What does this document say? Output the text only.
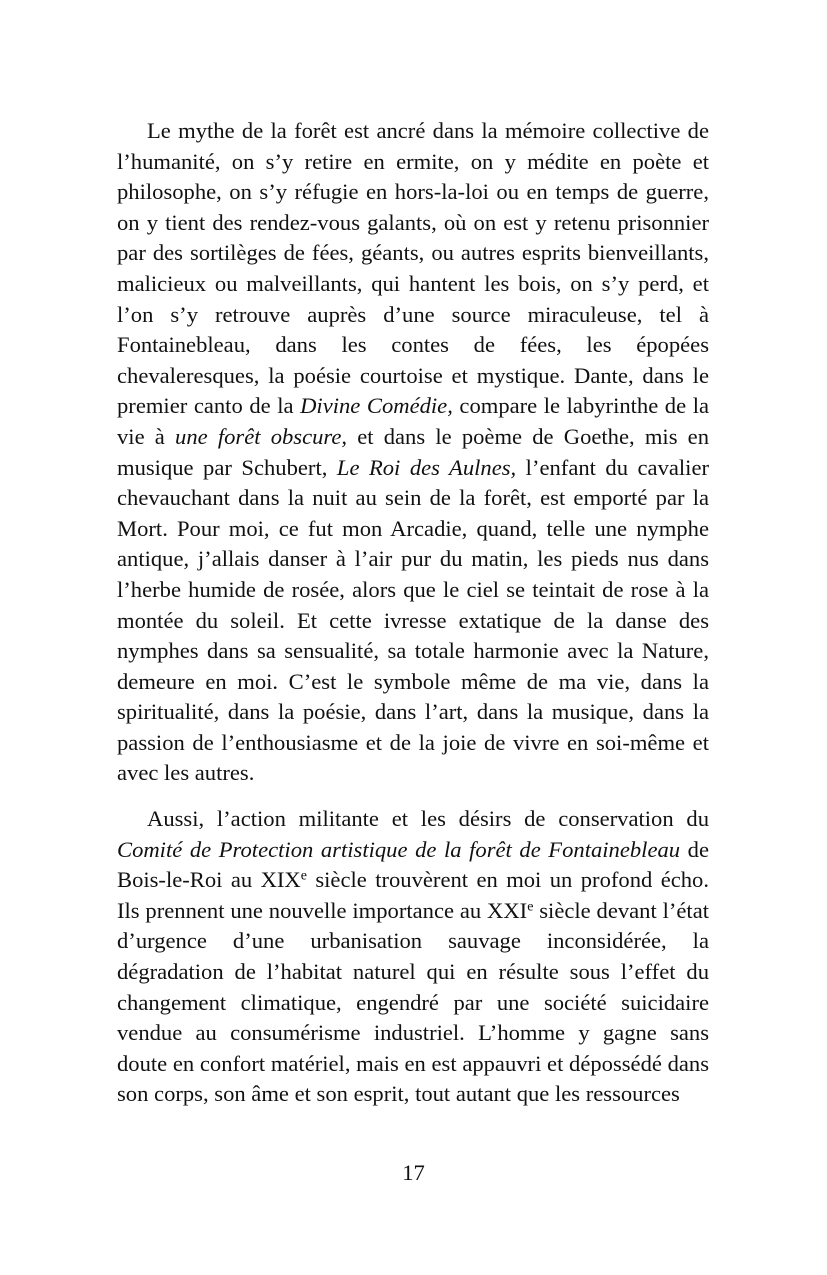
Le mythe de la forêt est ancré dans la mémoire collective de l’humanité, on s’y retire en ermite, on y médite en poète et philosophe, on s’y réfugie en hors-la-loi ou en temps de guerre, on y tient des rendez-vous galants, où on est y retenu prisonnier par des sortilèges de fées, géants, ou autres esprits bienveillants, malicieux ou malveillants, qui hantent les bois, on s’y perd, et l’on s’y retrouve auprès d’une source miraculeuse, tel à Fontainebleau, dans les contes de fées, les épopées chevaleresques, la poésie courtoise et mystique. Dante, dans le premier canto de la Divine Comédie, compare le labyrinthe de la vie à une forêt obscure, et dans le poème de Goethe, mis en musique par Schubert, Le Roi des Aulnes, l’enfant du cavalier chevauchant dans la nuit au sein de la forêt, est emporté par la Mort. Pour moi, ce fut mon Arcadie, quand, telle une nymphe antique, j’allais danser à l’air pur du matin, les pieds nus dans l’herbe humide de rosée, alors que le ciel se teintait de rose à la montée du soleil. Et cette ivresse extatique de la danse des nymphes dans sa sensualité, sa totale harmonie avec la Nature, demeure en moi. C’est le symbole même de ma vie, dans la spiritualité, dans la poésie, dans l’art, dans la musique, dans la passion de l’enthousiasme et de la joie de vivre en soi-même et avec les autres.

Aussi, l’action militante et les désirs de conservation du Comité de Protection artistique de la forêt de Fontainebleau de Bois-le-Roi au XIXe siècle trouvèrent en moi un profond écho. Ils prennent une nouvelle importance au XXIe siècle devant l’état d’urgence d’une urbanisation sauvage inconsidérée, la dégradation de l’habitat naturel qui en résulte sous l’effet du changement climatique, engendré par une société suicidaire vendue au consumérisme industriel. L’homme y gagne sans doute en confort matériel, mais en est appauvri et dépossédé dans son corps, son âme et son esprit, tout autant que les ressources

17
